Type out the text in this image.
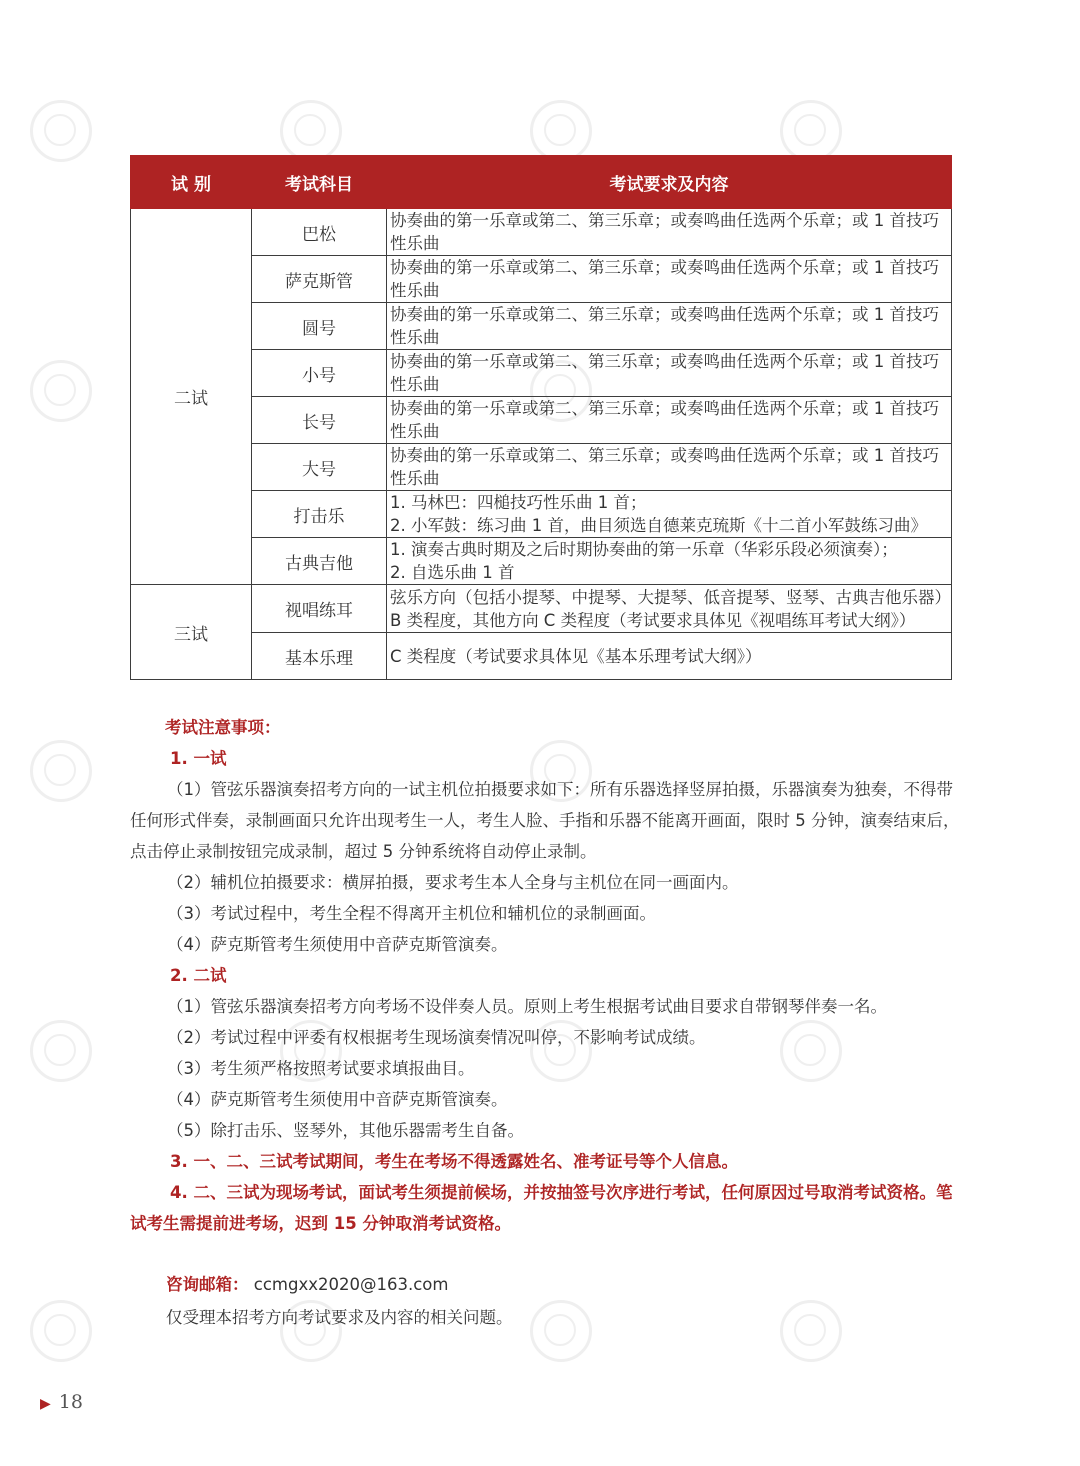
试 别	考试科目	考试要求及内容
二试	巴松	协奏曲的第一乐章或第二、第三乐章；或奏鸣曲任选两个乐章；或 1 首技巧性乐曲
	萨克斯管	协奏曲的第一乐章或第二、第三乐章；或奏鸣曲任选两个乐章；或 1 首技巧性乐曲
	圆号	协奏曲的第一乐章或第二、第三乐章；或奏鸣曲任选两个乐章；或 1 首技巧性乐曲
	小号	协奏曲的第一乐章或第二、第三乐章；或奏鸣曲任选两个乐章；或 1 首技巧性乐曲
	长号	协奏曲的第一乐章或第二、第三乐章；或奏鸣曲任选两个乐章；或 1 首技巧性乐曲
	大号	协奏曲的第一乐章或第二、第三乐章；或奏鸣曲任选两个乐章；或 1 首技巧性乐曲
	打击乐	1. 马林巴：四槌技巧性乐曲 1 首；
2. 小军鼓：练习曲 1 首，曲目须选自德莱克琉斯《十二首小军鼓练习曲》

	古典吉他	1. 演奏古典时期及之后时期协奏曲的第一乐章（华彩乐段必须演奏）；
2. 自选乐曲 1 首

三试	视唱练耳	弦乐方向（包括小提琴、中提琴、大提琴、低音提琴、竖琴、古典吉他乐器）B 类程度，其他方向 C 类程度（考试要求具体见《视唱练耳考试大纲》）
	基本乐理	C 类程度（考试要求具体见《基本乐理考试大纲》）

考试注意事项：

1. 一试

（1）管弦乐器演奏招考方向的一试主机位拍摄要求如下：所有乐器选择竖屏拍摄，乐器演奏为独奏，不得带任何形式伴奏，录制画面只允许出现考生一人，考生人脸、手指和乐器不能离开画面，限时 5 分钟，演奏结束后，点击停止录制按钮完成录制，超过 5 分钟系统将自动停止录制。

（2）辅机位拍摄要求：横屏拍摄，要求考生本人全身与主机位在同一画面内。

（3）考试过程中，考生全程不得离开主机位和辅机位的录制画面。

（4）萨克斯管考生须使用中音萨克斯管演奏。

2. 二试

（1）管弦乐器演奏招考方向考场不设伴奏人员。原则上考生根据考试曲目要求自带钢琴伴奏一名。

（2）考试过程中评委有权根据考生现场演奏情况叫停，不影响考试成绩。

（3）考生须严格按照考试要求填报曲目。

（4）萨克斯管考生须使用中音萨克斯管演奏。

（5）除打击乐、竖琴外，其他乐器需考生自备。

3. 一、二、三试考试期间，考生在考场不得透露姓名、准考证号等个人信息。

4. 二、三试为现场考试，面试考生须提前候场，并按抽签号次序进行考试，任何原因过号取消考试资格。笔试考生需提前进考场，迟到 15 分钟取消考试资格。

咨询邮箱： ccmgxx2020@163.com
仅受理本招考方向考试要求及内容的相关问题。
▶ 18
